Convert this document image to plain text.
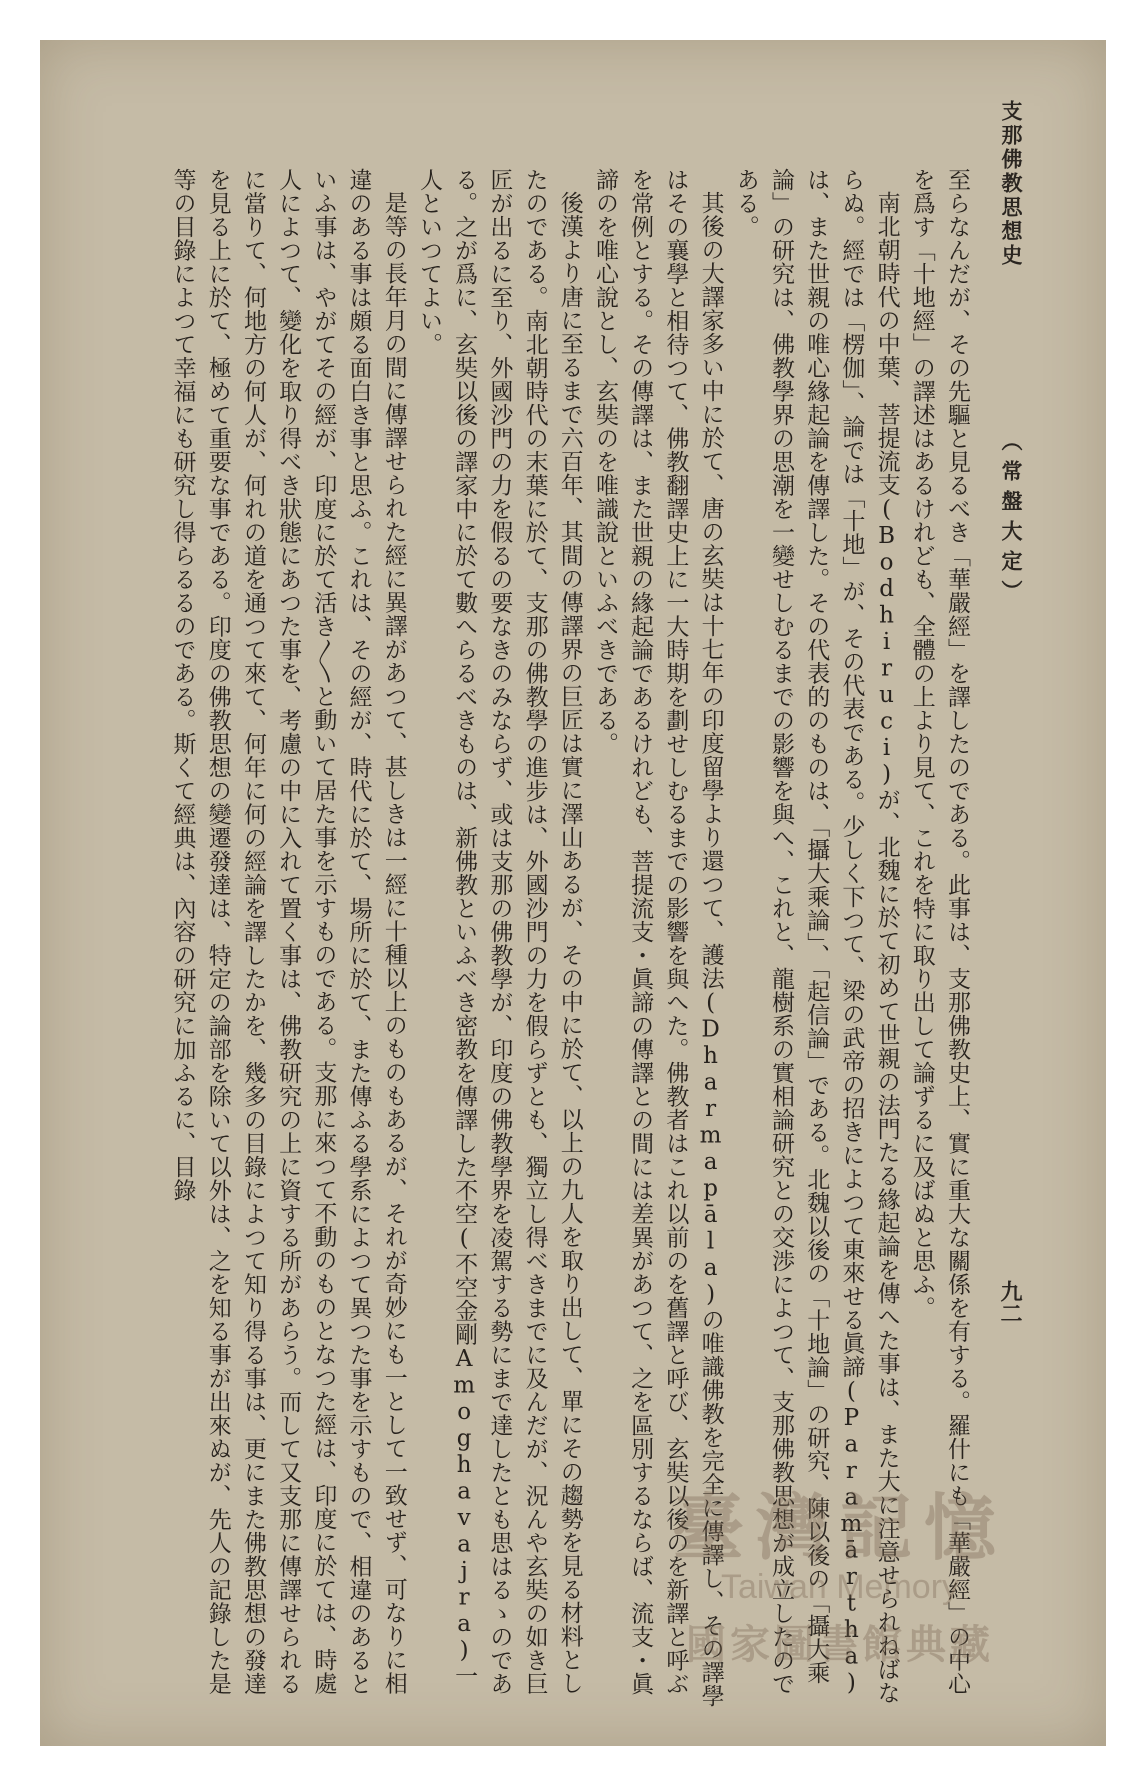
支那佛教思想史
（常盤大定）
九二

至らなんだが、その先驅と見るべき「華嚴經」を譯したのである。此事は、支那佛教史上、實に重大な關係を有する。羅什にも「華嚴經」の中心を爲す「十地經」の譯述はあるけれども、全體の上より見て、これを特に取り出して論ずるに及ばぬと思ふ。

南北朝時代の中葉、菩提流支(Bodhiruci)が、北魏に於て初めて世親の法門たる緣起論を傳へた事は、また大に注意せられねばならぬ。經では「楞伽」、論では「十地」が、その代表である。少しく下つて、梁の武帝の招きによつて東來せる眞諦(Paramārtha)は、また世親の唯心緣起論を傳譯した。その代表的のものは、「攝大乘論」、「起信論」である。北魏以後の「十地論」の研究、陳以後の「攝大乘論」の研究は、佛教學界の思潮を一變せしむるまでの影響を與へ、これと、龍樹系の實相論研究との交渉によつて、支那佛教思想が成立したのである。

其後の大譯家多い中に於て、唐の玄奘は十七年の印度留學より還つて、護法(Dharmapāla)の唯識佛教を完全に傳譯し、その譯學はその襄學と相待つて、佛教翻譯史上に一大時期を劃せしむるまでの影響を與へた。佛教者はこれ以前のを舊譯と呼び、玄奘以後のを新譯と呼ぶを常例とする。その傳譯は、また世親の緣起論であるけれども、菩提流支・眞諦の傳譯との間には差異があつて、之を區別するならば、流支・眞諦のを唯心說とし、玄奘のを唯識說といふべきである。

後漢より唐に至るまで六百年、其間の傳譯界の巨匠は實に澤山あるが、その中に於て、以上の九人を取り出して、單にその趨勢を見る材料としたのである。南北朝時代の末葉に於て、支那の佛教學の進步は、外國沙門の力を假らずとも、獨立し得べきまでに及んだが、況んや玄奘の如き巨匠が出るに至り、外國沙門の力を假るの要なきのみならず、或は支那の佛教學が、印度の佛教學界を凌駕する勢にまで達したとも思はるゝのである。之が爲に、玄奘以後の譯家中に於て數へらるべきものは、新佛教といふべき密教を傳譯した不空(不空金剛Amoghavajra)一人といつてよい。

是等の長年月の間に傳譯せられた經に異譯があつて、甚しきは一經に十種以上のものもあるが、それが奇妙にも一として一致せず、可なりに相違のある事は頗る面白き事と思ふ。これは、その經が、時代に於て、場所に於て、また傳ふる學系によつて異つた事を示すもので、相違のあるといふ事は、やがてその經が、印度に於て活き〳〵と動いて居た事を示すものである。支那に來つて不動のものとなつた經は、印度に於ては、時處人によつて、變化を取り得べき狀態にあつた事を、考慮の中に入れて置く事は、佛教研究の上に資する所があらう。而して又支那に傳譯せられるに當りて、何地方の何人が、何れの道を通つて來て、何年に何の經論を譯したかを、幾多の目錄によつて知り得る事は、更にまた佛教思想の發達を見る上に於て、極めて重要な事である。印度の佛教思想の變遷發達は、特定の論部を除いて以外は、之を知る事が出來ぬが、先人の記錄した是等の目錄によつて幸福にも研究し得らるるのである。斯くて經典は、內容の研究に加ふるに、目錄

臺灣記憶
Taiwan Memory
國家圖書館典藏
